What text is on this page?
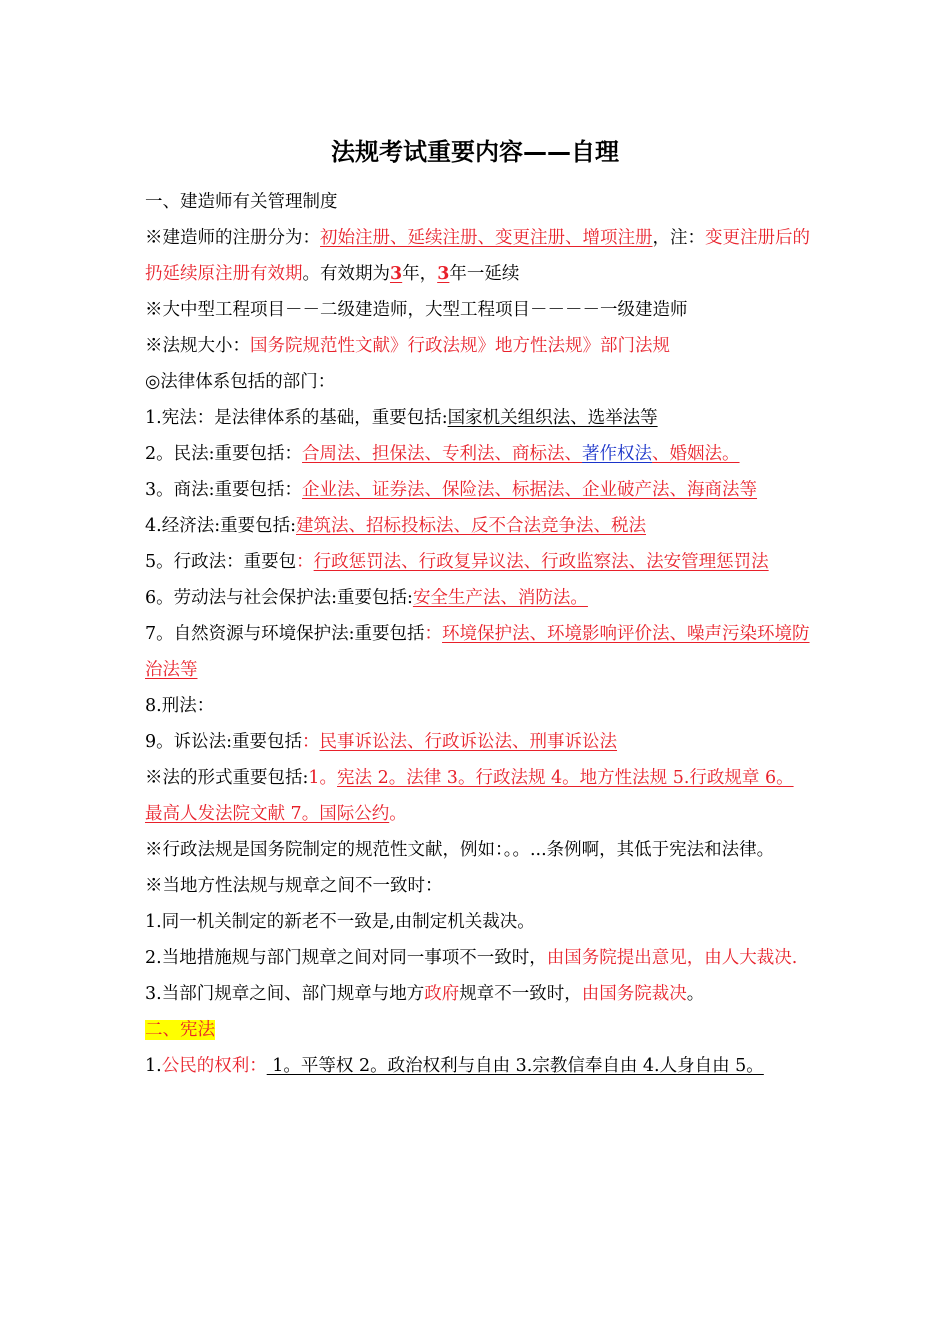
法规考试重要内容——自理
一、建造师有关管理制度
※建造师的注册分为：初始注册、延续注册、变更注册、增项注册，注：变更注册后的扔延续原注册有效期。有效期为3年，3年一延续
※大中型工程项目－－二级建造师，大型工程项目－－－－一级建造师
※法规大小：国务院规范性文献》行政法规》地方性法规》部门法规
◎法律体系包括的部门：
1.宪法：是法律体系的基础，重要包括:国家机关组织法、选举法等
2。民法:重要包括：合周法、担保法、专利法、商标法、著作权法、婚姻法。
3。商法:重要包括：企业法、证券法、保险法、标据法、企业破产法、海商法等
4.经济法:重要包括:建筑法、招标投标法、反不合法竞争法、税法
5。行政法：重要包：行政惩罚法、行政复异议法、行政监察法、法安管理惩罚法
6。劳动法与社会保护法:重要包括:安全生产法、消防法。
7。自然资源与环境保护法:重要包括：环境保护法、环境影响评价法、噪声污染环境防治法等
8.刑法：
9。诉讼法:重要包括：民事诉讼法、行政诉讼法、刑事诉讼法
※法的形式重要包括:1。宪法 2。法律 3。行政法规 4。地方性法规 5.行政规章 6。最高人发法院文献 7。国际公约。
※行政法规是国务院制定的规范性文献，例如：。。...条例啊，其低于宪法和法律。
※当地方性法规与规章之间不一致时：
1.同一机关制定的新老不一致是,由制定机关裁决。
2.当地措施规与部门规章之间对同一事项不一致时，由国务院提出意见，由人大裁决.
3.当部门规章之间、部门规章与地方政府规章不一致时，由国务院裁决。
二、宪法
1.公民的权利： 1。平等权 2。政治权利与自由 3.宗教信奉自由 4.人身自由 5。
